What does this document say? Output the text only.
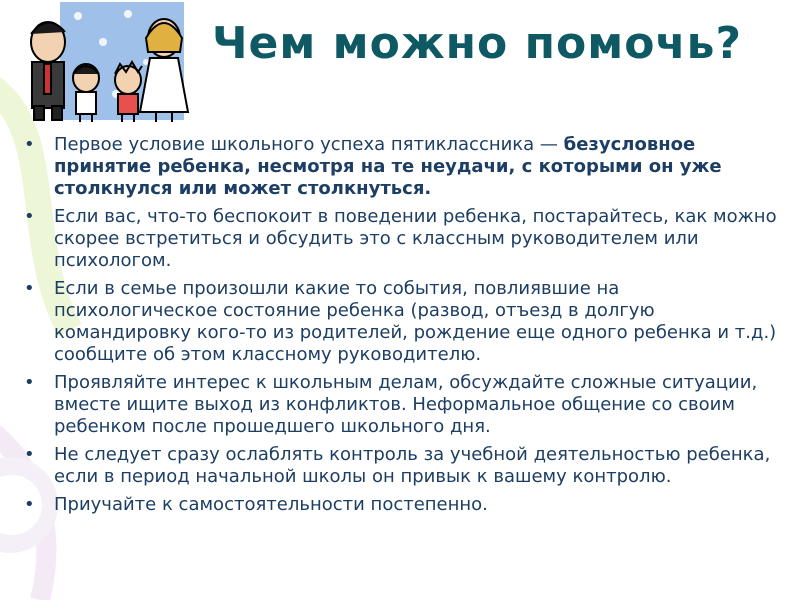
Чем можно помочь?
• Первое условие школьного успеха пятиклассника — безусловное принятие ребенка, несмотря на те неудачи, с которыми он уже столкнулся или может столкнуться.
• Если вас, что-то беспокоит в поведении ребенка, постарайтесь, как можно скорее встретиться и обсудить это с классным руководителем или психологом.
• Если в семье произошли какие то события, повлиявшие на психологическое состояние ребенка (развод, отъезд в долгую командировку кого-то из родителей, рождение еще одного ребенка и т.д.) сообщите об этом классному руководителю.
• Проявляйте интерес к школьным делам, обсуждайте сложные ситуации, вместе ищите выход из конфликтов. Неформальное общение со своим ребенком после прошедшего школьного дня.
• Не следует сразу ослаблять контроль за учебной деятельностью ребенка, если в период начальной школы он привык к вашему контролю.
• Приучайте к самостоятельности постепенно.
